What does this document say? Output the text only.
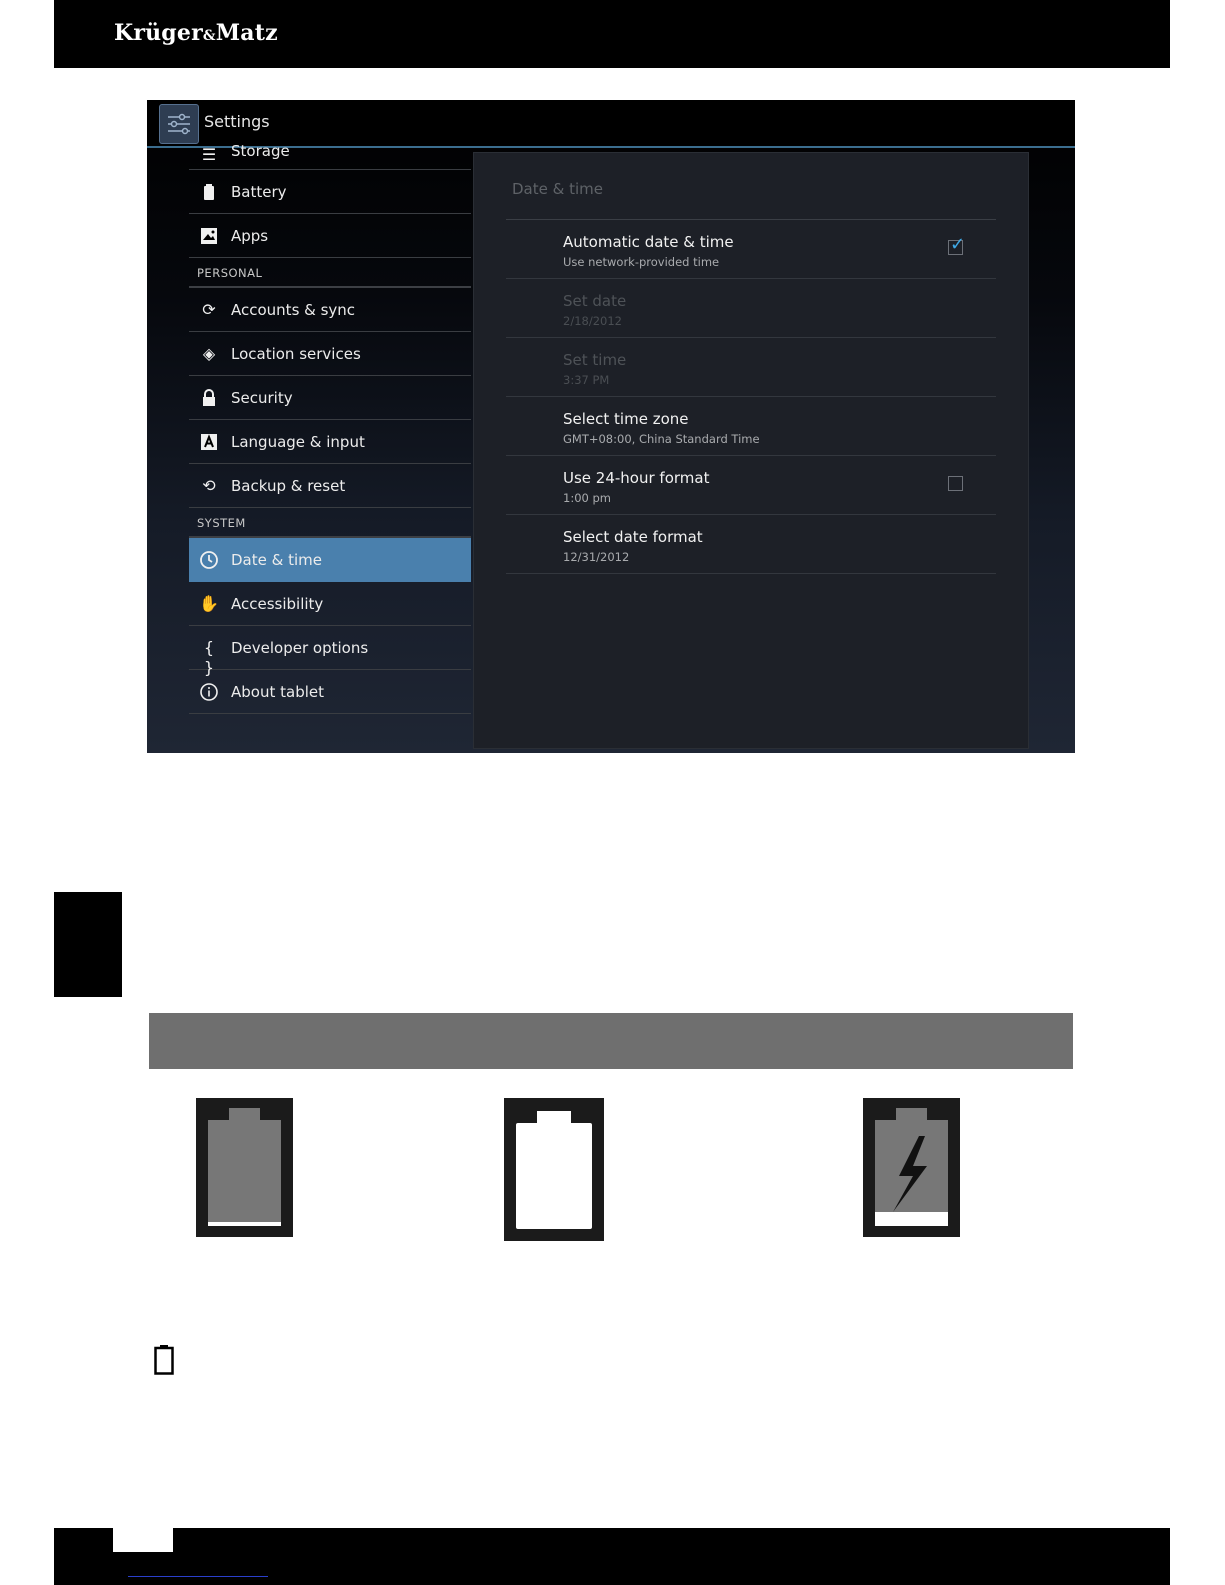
Krüger&Matz
Settings
☰ Storage
Battery
Apps
PERSONAL
⟳ Accounts & sync
◈ Location services
Security
Language & input
⟲ Backup & reset
SYSTEM
Date & time
✋ Accessibility
{ }
Developer options
About tablet
Date & time
Automatic date & time
Use network-provided time
✓
Set date
2/18/2012
Set time
3:37 PM
Select time zone
GMT+08:00, China Standard Time
Use 24-hour format
1:00 pm
Select date format
12/31/2012
